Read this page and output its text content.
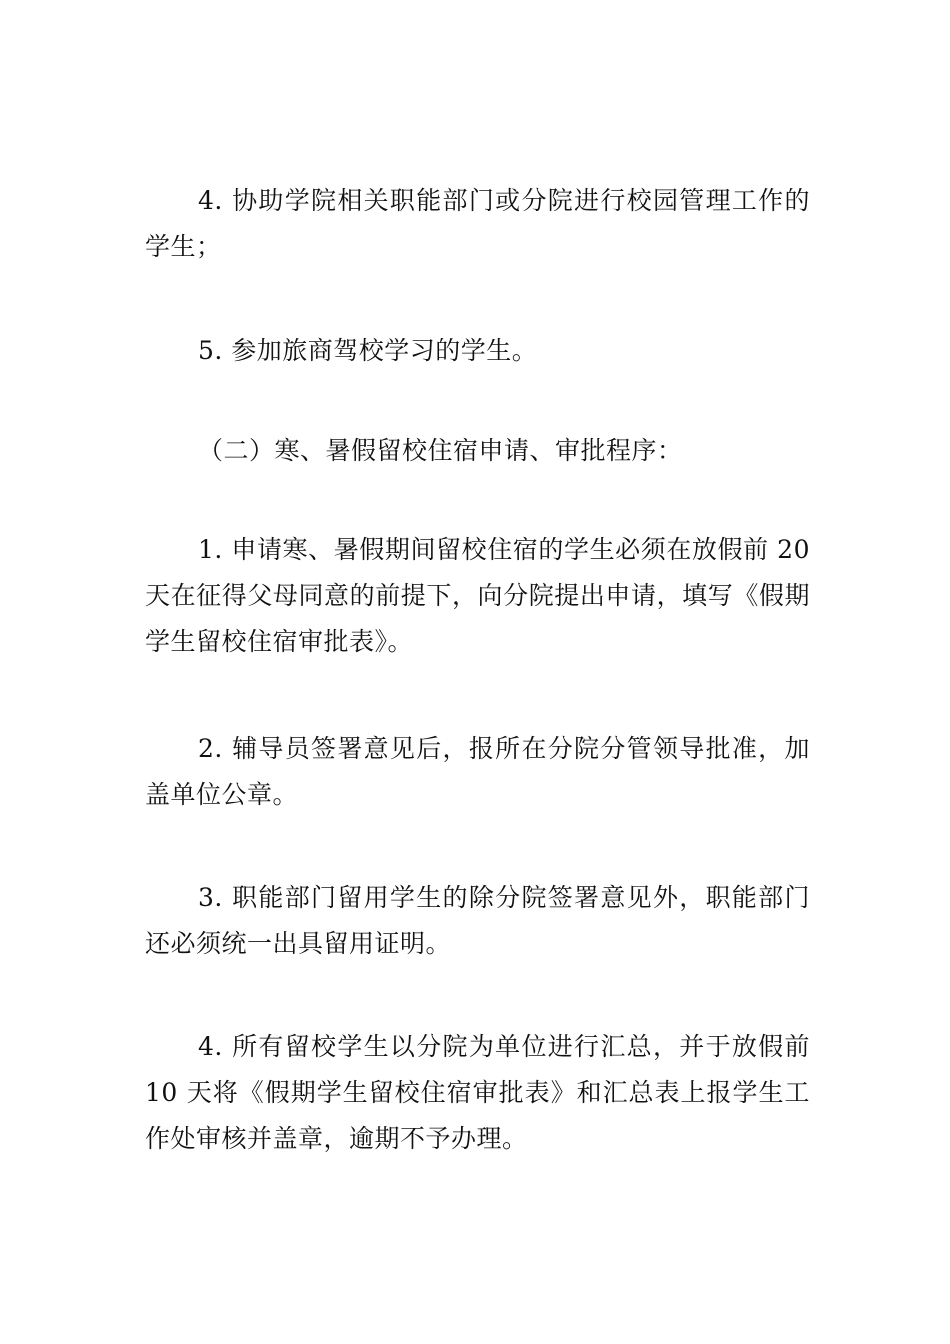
4. 协助学院相关职能部门或分院进行校园管理工作的学生；

5. 参加旅商驾校学习的学生。

（二）寒、暑假留校住宿申请、审批程序：

1. 申请寒、暑假期间留校住宿的学生必须在放假前 20 天在征得父母同意的前提下，向分院提出申请，填写《假期学生留校住宿审批表》。

2. 辅导员签署意见后，报所在分院分管领导批准，加盖单位公章。

3. 职能部门留用学生的除分院签署意见外，职能部门还必须统一出具留用证明。

4. 所有留校学生以分院为单位进行汇总，并于放假前 10 天将《假期学生留校住宿审批表》和汇总表上报学生工作处审核并盖章，逾期不予办理。
